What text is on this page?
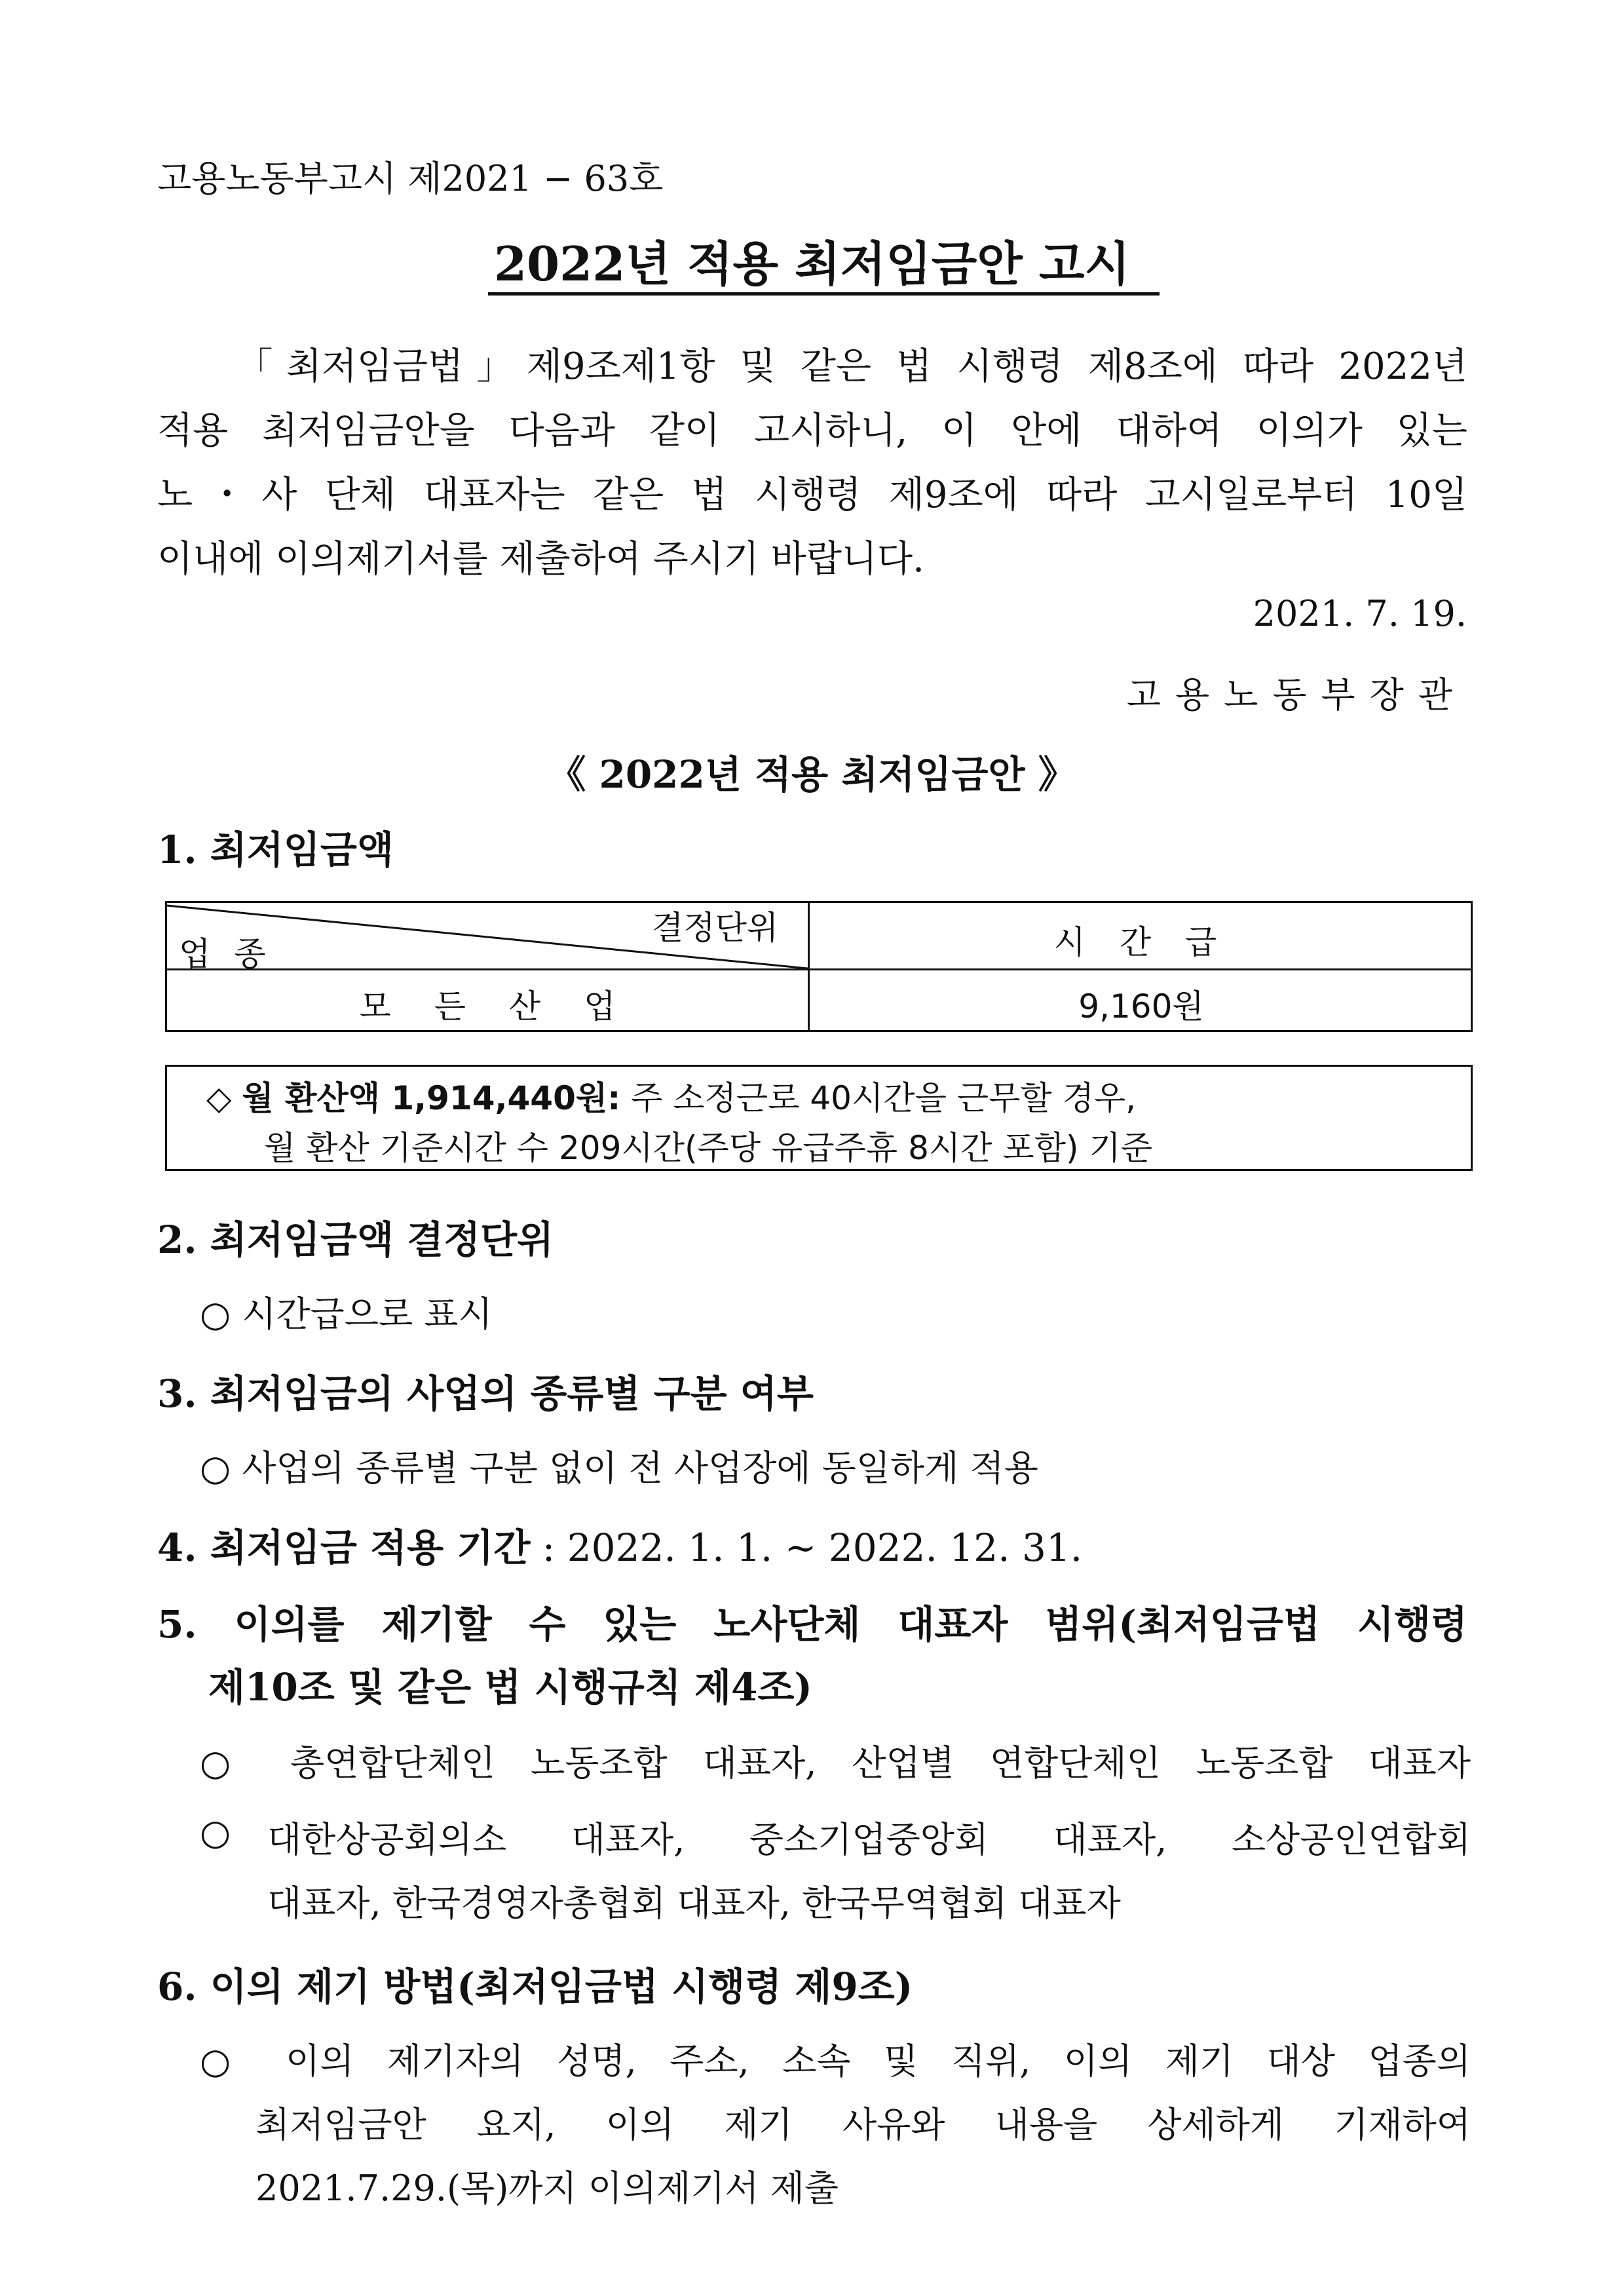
고용노동부고시 제2021 − 63호
2022년 적용 최저임금안 고시
「최저임금법」제9조제1항 및 같은 법 시행령 제8조에 따라 2022년
적용 최저임금안을 다음과 같이 고시하니, 이 안에 대하여 이의가 있는
노・사 단체 대표자는 같은 법 시행령 제9조에 따라 고시일로부터 10일
이내에 이의제기서를 제출하여 주시기 바랍니다.
2021. 7. 19.
고용노동부장관
《 2022년 적용 최저임금안 》
1. 최저임금액
결정단위
업 종	시 간 급
모 든 산 업	9,160원
◇ 월 환산액 1,914,440원: 주 소정근로 40시간을 근무할 경우,
월 환산 기준시간 수 209시간(주당 유급주휴 8시간 포함) 기준
2. 최저임금액 결정단위
○ 시간급으로 표시
3. 최저임금의 사업의 종류별 구분 여부
○ 사업의 종류별 구분 없이 전 사업장에 동일하게 적용
4. 최저임금 적용 기간 : 2022. 1. 1. ~ 2022. 12. 31.
5. 이의를 제기할 수 있는 노사단체 대표자 범위(최저임금법 시행령
제10조 및 같은 법 시행규칙 제4조)
○ 총연합단체인 노동조합 대표자, 산업별 연합단체인 노동조합 대표자
○ 대한상공회의소 대표자, 중소기업중앙회 대표자, 소상공인연합회
대표자, 한국경영자총협회 대표자, 한국무역협회 대표자
6. 이의 제기 방법(최저임금법 시행령 제9조)
○ 이의 제기자의 성명, 주소, 소속 및 직위, 이의 제기 대상 업종의
최저임금안 요지, 이의 제기 사유와 내용을 상세하게 기재하여
2021.7.29.(목)까지 이의제기서 제출
